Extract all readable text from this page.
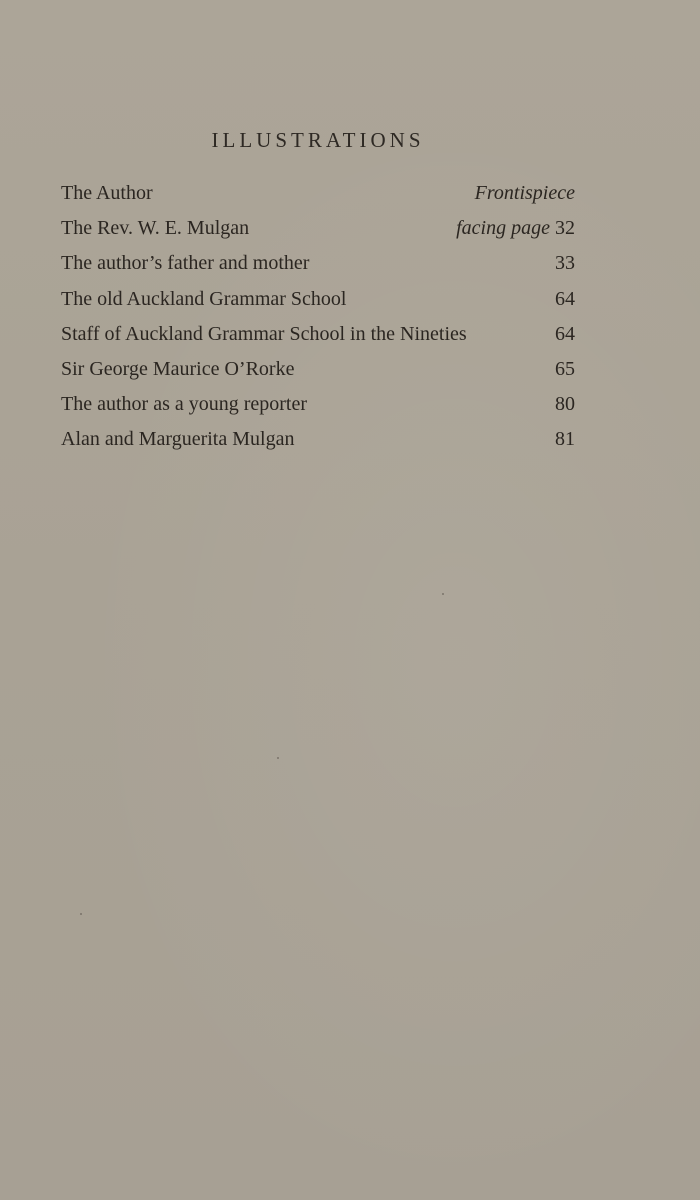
ILLUSTRATIONS
The Author	Frontispiece
The Rev. W. E. Mulgan	facing page 32
The author’s father and mother	33
The old Auckland Grammar School	64
Staff of Auckland Grammar School in the Nineties	64
Sir George Maurice O’Rorke	65
The author as a young reporter	80
Alan and Marguerita Mulgan	81
